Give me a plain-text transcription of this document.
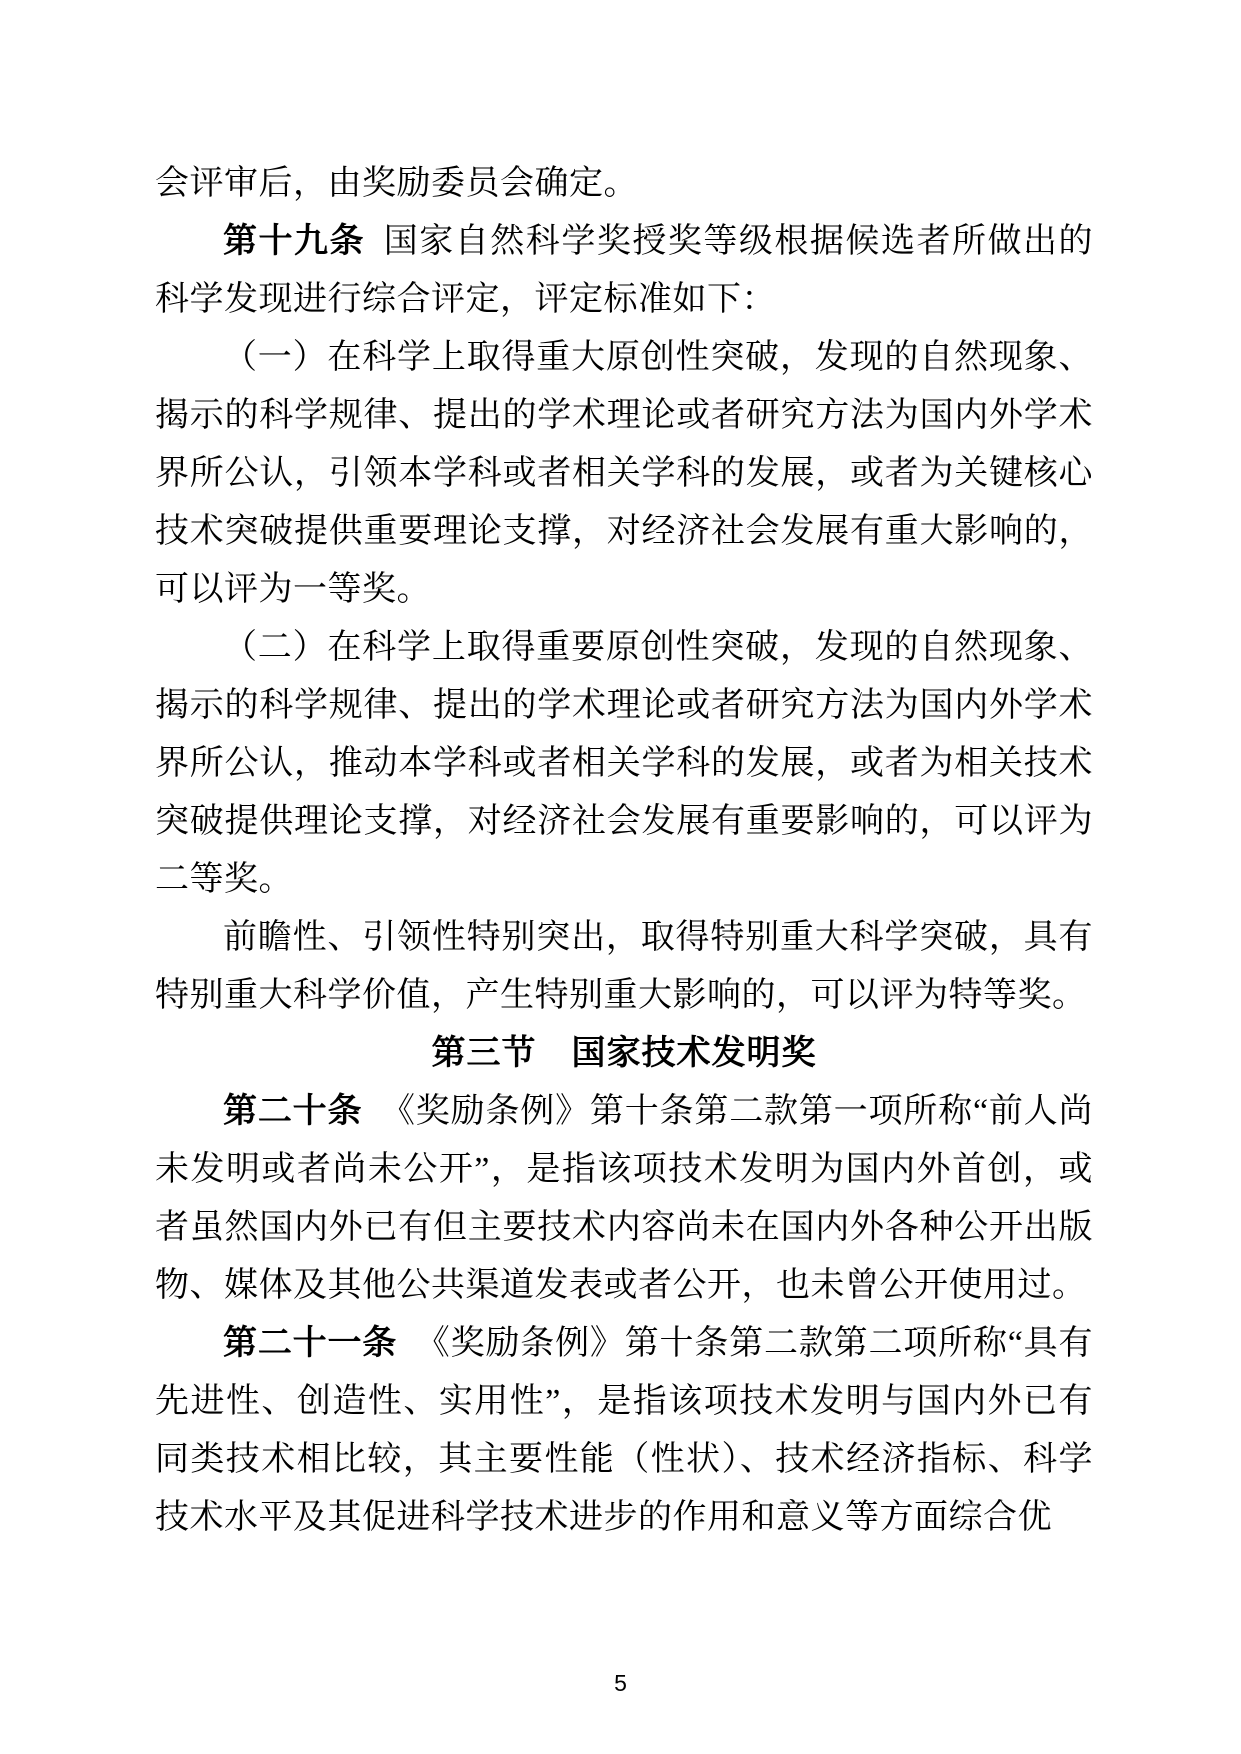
会评审后，由奖励委员会确定。

第十九条 国家自然科学奖授奖等级根据候选者所做出的科学发现进行综合评定，评定标准如下：

（一）在科学上取得重大原创性突破，发现的自然现象、揭示的科学规律、提出的学术理论或者研究方法为国内外学术界所公认，引领本学科或者相关学科的发展，或者为关键核心技术突破提供重要理论支撑，对经济社会发展有重大影响的，可以评为一等奖。

（二）在科学上取得重要原创性突破，发现的自然现象、揭示的科学规律、提出的学术理论或者研究方法为国内外学术界所公认，推动本学科或者相关学科的发展，或者为相关技术突破提供理论支撑，对经济社会发展有重要影响的，可以评为二等奖。

前瞻性、引领性特别突出，取得特别重大科学突破，具有特别重大科学价值，产生特别重大影响的，可以评为特等奖。

第三节　国家技术发明奖

第二十条 《奖励条例》第十条第二款第一项所称“前人尚未发明或者尚未公开”，是指该项技术发明为国内外首创，或者虽然国内外已有但主要技术内容尚未在国内外各种公开出版物、媒体及其他公共渠道发表或者公开，也未曾公开使用过。

第二十一条 《奖励条例》第十条第二款第二项所称“具有先进性、创造性、实用性”，是指该项技术发明与国内外已有同类技术相比较，其主要性能（性状）、技术经济指标、科学技术水平及其促进科学技术进步的作用和意义等方面综合优

5
